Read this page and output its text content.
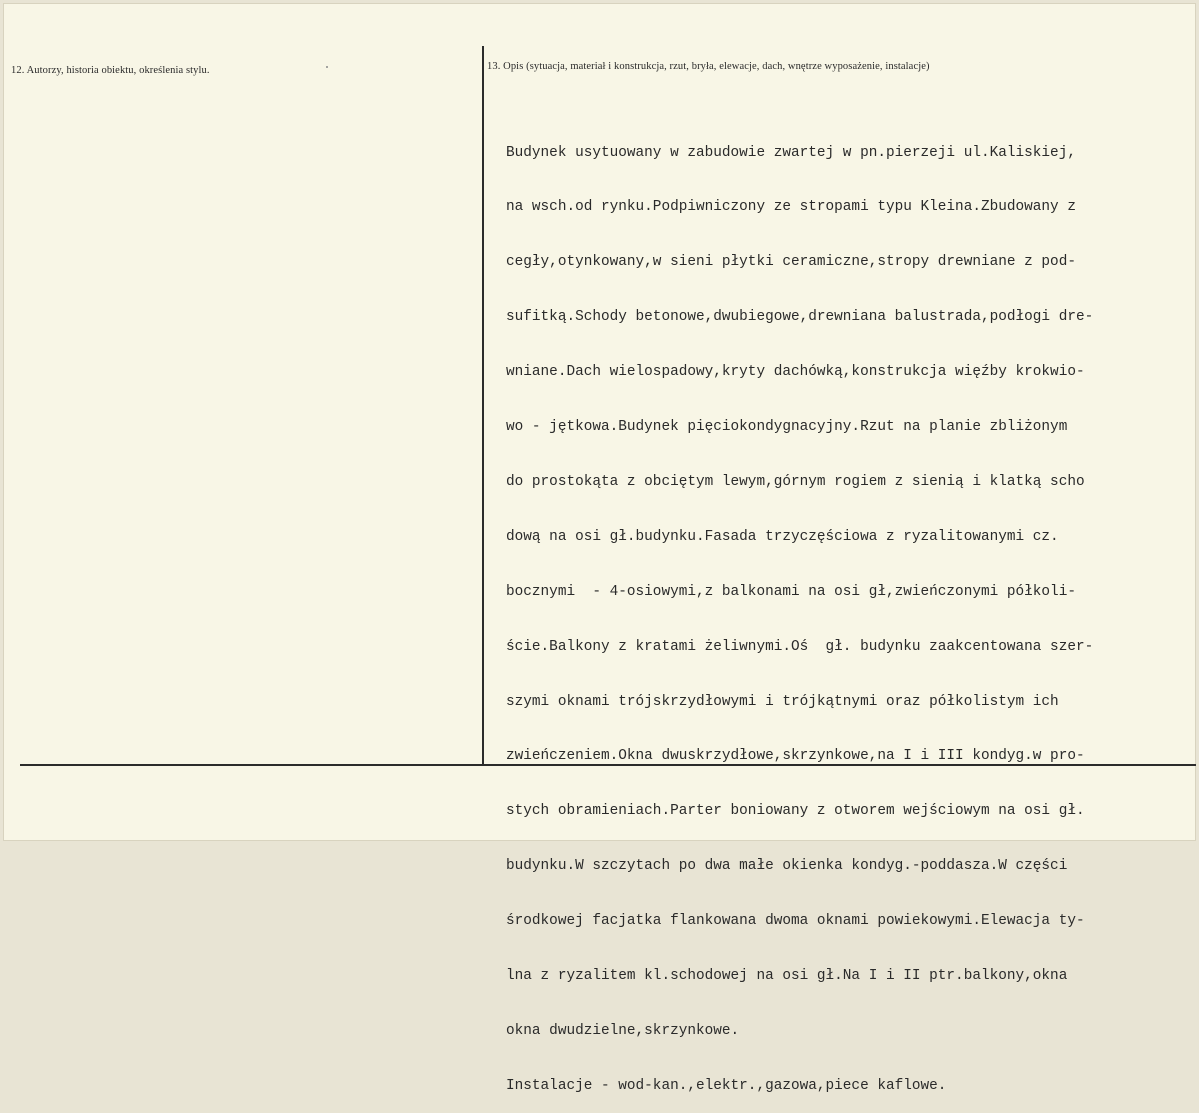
12. Autorzy, historia obiektu, określenia stylu.	13. Opis (sytuacja, materiał i konstrukcja, rzut, bryła, elewacje, dach, wnętrze wyposażenie, instalacje)

Budynek usytuowany w zabudowie zwartej w pn.pierzeji ul.Kaliskiej,

na wsch.od rynku.Podpiwniczony ze stropami typu Kleina.Zbudowany z

cegły,otynkowany,w sieni płytki ceramiczne,stropy drewniane z pod-

sufitką.Schody betonowe,dwubiegowe,drewniana balustrada,podłogi dre-

wniane.Dach wielospadowy,kryty dachówką,konstrukcja więźby krokwio-

wo - jętkowa.Budynek pięciokondygnacyjny.Rzut na planie zbliżonym

do prostokąta z obciętym lewym,górnym rogiem z sienią i klatką scho

dową na osi gł.budynku.Fasada trzyczęściowa z ryzalitowanymi cz.

bocznymi  - 4-osiowymi,z balkonami na osi gł,zwieńczonymi półkoli-

ście.Balkony z kratami żeliwnymi.Oś  gł. budynku zaakcentowana szer-

szymi oknami trójskrzydłowymi i trójkątnymi oraz półkolistym ich

zwieńczeniem.Okna dwuskrzydłowe,skrzynkowe,na I i III kondyg.w pro-

stych obramieniach.Parter boniowany z otworem wejściowym na osi gł.

budynku.W szczytach po dwa małe okienka kondyg.-poddasza.W części

środkowej facjatka flankowana dwoma oknami powiekowymi.Elewacja ty-

lna z ryzalitem kl.schodowej na osi gł.Na I i II ptr.balkony,okna

okna dwudzielne,skrzynkowe.

Instalacje - wod-kan.,elektr.,gazowa,piece kaflowe.
